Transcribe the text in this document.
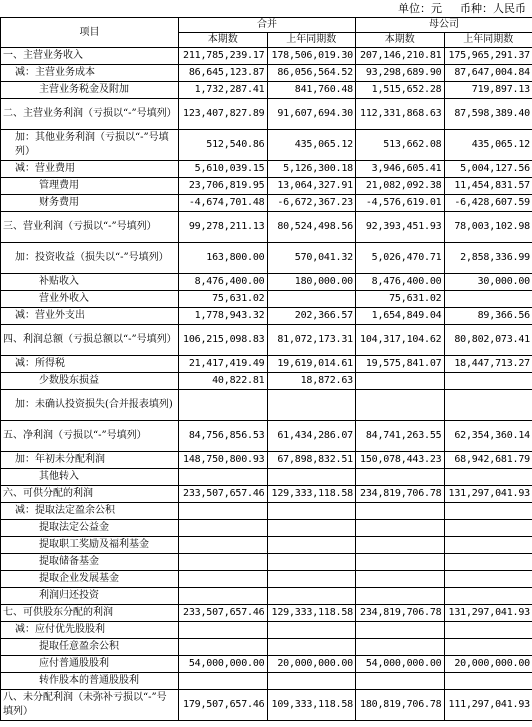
单位：元 币种：人民币
项目	合并		母公司	
	本期数	上年同期数	本期数	上年同期数
一、主营业务收入	211,785,239.17	178,506,019.30	207,146,210.81	175,965,291.37
减：主营业务成本	86,645,123.87	86,056,564.52	93,298,689.90	87,647,004.84
主营业务税金及附加	1,732,287.41	841,760.48	1,515,652.28	719,897.13
二、主营业务利润（亏损以“-”号填列）	123,407,827.89	91,607,694.30	112,331,868.63	87,598,389.40
加：其他业务利润（亏损以“-”号填列）	512,540.86	435,065.12	513,662.08	435,065.12
减：营业费用	5,610,039.15	5,126,300.18	3,946,605.41	5,004,127.56
管理费用	23,706,819.95	13,064,327.91	21,082,092.38	11,454,831.57
财务费用	-4,674,701.48	-6,672,367.23	-4,576,619.01	-6,428,607.59
三、营业利润（亏损以“-”号填列）	99,278,211.13	80,524,498.56	92,393,451.93	78,003,102.98
加：投资收益（损失以“-”号填列）	163,800.00	570,041.32	5,026,470.71	2,858,336.99
补贴收入	8,476,400.00	180,000.00	8,476,400.00	30,000.00
营业外收入	75,631.02		75,631.02	
减：营业外支出	1,778,943.32	202,366.57	1,654,849.04	89,366.56
四、利润总额（亏损总额以“-”号填列）	106,215,098.83	81,072,173.31	104,317,104.62	80,802,073.41
减：所得税	21,417,419.49	19,619,014.61	19,575,841.07	18,447,713.27
少数股东损益	40,822.81	18,872.63		
加：未确认投资损失(合并报表填列)				
五、净利润（亏损以“-”号填列）	84,756,856.53	61,434,286.07	84,741,263.55	62,354,360.14
加：年初未分配利润	148,750,800.93	67,898,832.51	150,078,443.23	68,942,681.79
其他转入				
六、可供分配的利润	233,507,657.46	129,333,118.58	234,819,706.78	131,297,041.93
减：提取法定盈余公积				
提取法定公益金				
提取职工奖励及福利基金				
提取储备基金				
提取企业发展基金				
利润归还投资				
七、可供股东分配的利润	233,507,657.46	129,333,118.58	234,819,706.78	131,297,041.93
减：应付优先股股利				
提取任意盈余公积				
应付普通股股利	54,000,000.00	20,000,000.00	54,000,000.00	20,000,000.00
转作股本的普通股股利				
八、未分配利润（未弥补亏损以“-”号填列）	179,507,657.46	109,333,118.58	180,819,706.78	111,297,041.93
